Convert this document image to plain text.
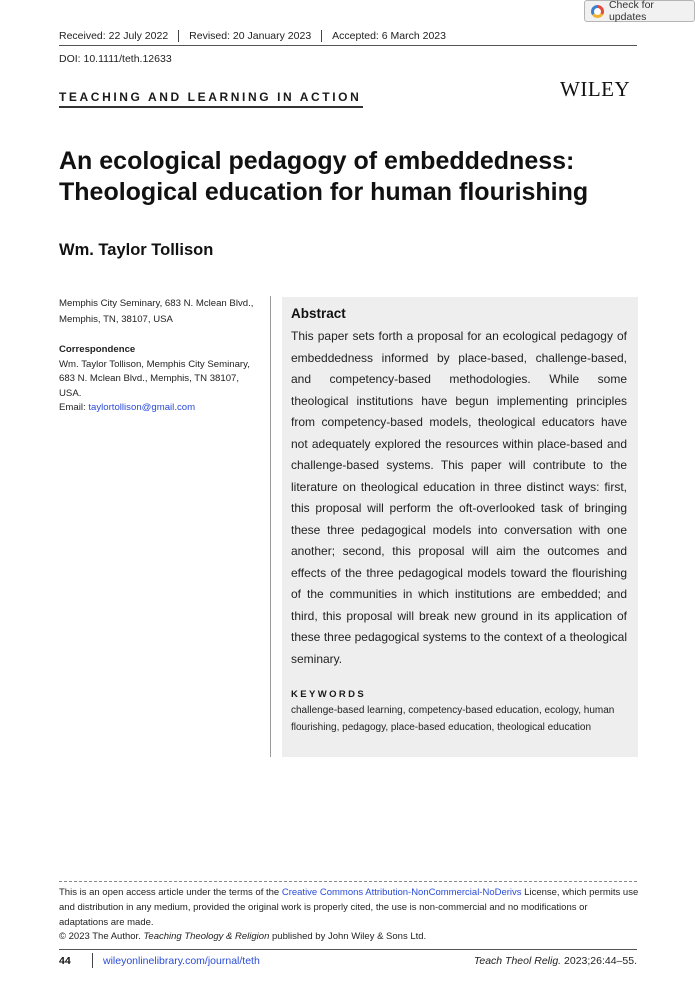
Check for updates
Received: 22 July 2022	Revised: 20 January 2023	Accepted: 6 March 2023
DOI: 10.1111/teth.12633
TEACHING AND LEARNING IN ACTION	WILEY
An ecological pedagogy of embeddedness:
Theological education for human flourishing
Wm. Taylor Tollison
Memphis City Seminary, 683 N. Mclean Blvd., Memphis, TN, 38107, USA
Correspondence
Wm. Taylor Tollison, Memphis City Seminary, 683 N. Mclean Blvd., Memphis, TN 38107, USA.
Email: taylortollison@gmail.com
Abstract

This paper sets forth a proposal for an ecological pedagogy of embeddedness informed by place-based, challenge-based, and competency-based methodologies. While some theological institutions have begun implementing principles from competency-based models, theological educators have not adequately explored the resources within place-based and challenge-based systems. This paper will contribute to the literature on theological education in three distinct ways: first, this proposal will perform the oft-overlooked task of bringing these three pedagogical models into conversation with one another; second, this proposal will aim the outcomes and effects of the three pedagogical models toward the flourishing of the communities in which institutions are embedded; and third, this proposal will break new ground in its application of these three pedagogical systems to the context of a theological seminary.

KEYWORDS

challenge-based learning, competency-based education, ecology, human flourishing, pedagogy, place-based education, theological education

This is an open access article under the terms of the Creative Commons Attribution-NonCommercial-NoDerivs License, which permits use and distribution in any medium, provided the original work is properly cited, the use is non-commercial and no modifications or adaptations are made.
© 2023 The Author. Teaching Theology & Religion published by John Wiley & Sons Ltd.
44	wileyonlinelibrary.com/journal/teth	Teach Theol Relig. 2023;26:44–55.
